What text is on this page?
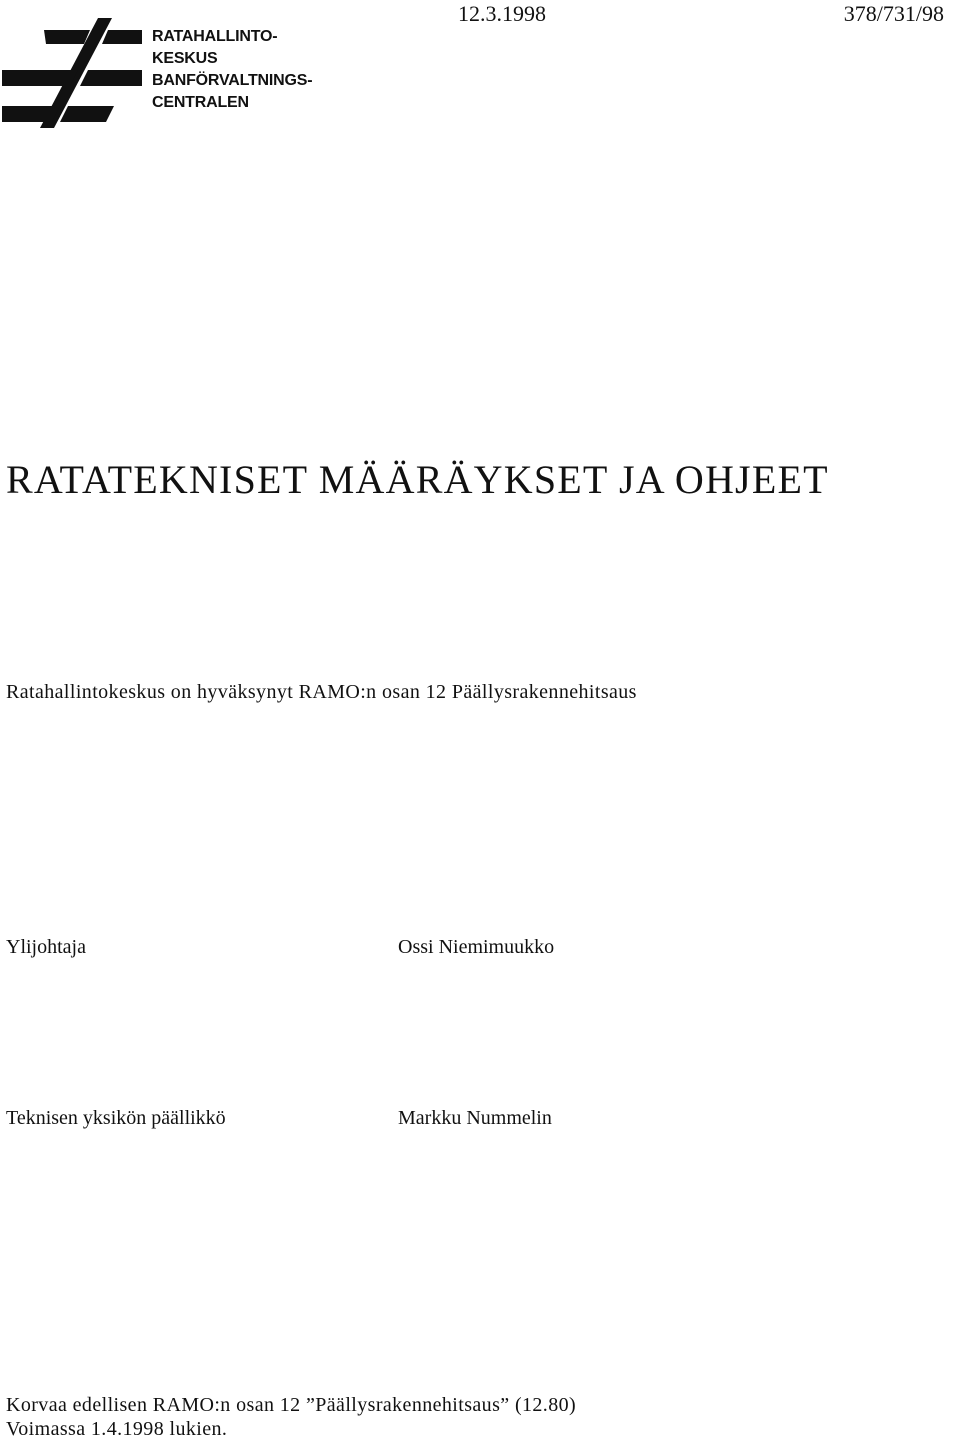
12.3.1998	378/731/98
RATAHALLINTO-
KESKUS
BANFÖRVALTNINGS-
CENTRALEN
RATATEKNISET MÄÄRÄYKSET JA OHJEET
Ratahallintokeskus on hyväksynyt RAMO:n osan 12 Päällysrakennehitsaus
Ylijohtaja	Ossi Niemimuukko
Teknisen yksikön päällikkö	Markku Nummelin
Korvaa edellisen RAMO:n osan 12 ”Päällysrakennehitsaus” (12.80)
Voimassa 1.4.1998 lukien.
